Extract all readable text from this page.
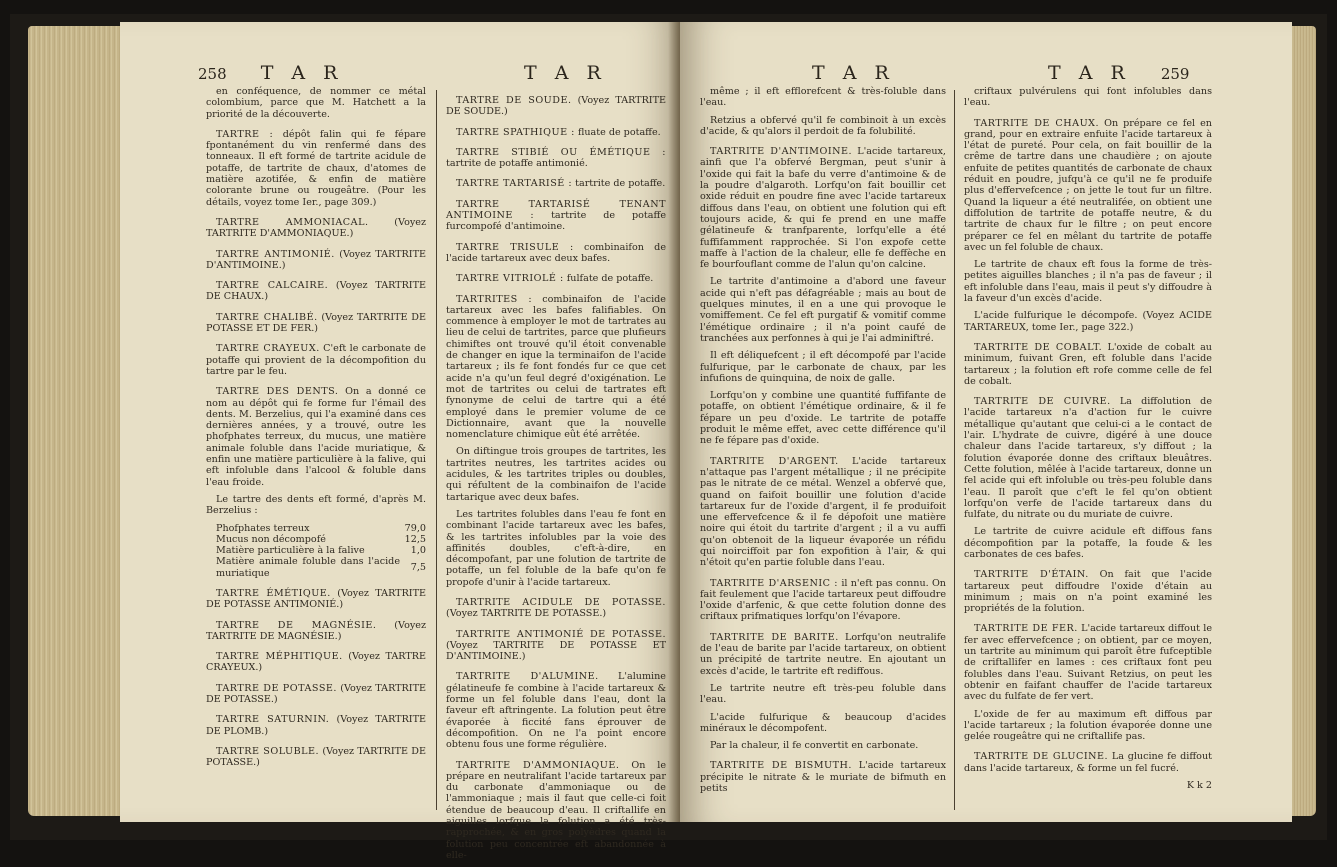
258 T A R	T A R

en conféquence, de nommer ce métal colombium, parce que M. Hatchett a la priorité de la découverte.

TARTRE : dépôt falin qui fe fépare fpontanément du vin renfermé dans des tonneaux. Il eft formé de tartrite acidule de potaffe, de tartrite de chaux, d'atomes de matière azotifée, & enfin de matière colorante brune ou rougeâtre. (Pour les détails, voyez tome Ier., page 309.)

TARTRE AMMONIACAL.	(Voyez TARTRITE D'AMMONIAQUE.)

TARTRE ANTIMONIÉ. (Voyez TARTRITE D'ANTIMOINE.)

TARTRE CALCAIRE. (Voyez TARTRITE DE CHAUX.)

TARTRE CHALIBÉ. (Voyez TARTRITE DE POTASSE ET DE FER.)

TARTRE CRAYEUX. C'eft le carbonate de potaffe qui provient de la décompofition du tartre par le feu.

TARTRE DES DENTS. On a donné ce nom au dépôt qui fe forme fur l'émail des dents. M. Berzelius, qui l'a examiné dans ces dernières années, y a trouvé, outre les phofphates terreux, du mucus, une matière animale foluble dans l'acide muriatique, & enfin une matière particulière à la falive, qui eft infoluble dans l'alcool & foluble dans l'eau froide.

Le tartre des dents eft formé, d'après M. Berzelius :

Phofphates terreux	79,0
Mucus non décompofé	12,5
Matière particulière à la falive	1,0
Matière animale foluble dans l'acide muriatique	7,5

TARTRE ÉMÉTIQUE. (Voyez TARTRITE DE POTASSE ANTIMONIÉ.)

TARTRE DE MAGNÉSIE. (Voyez TARTRITE DE MAGNÉSIE.)

TARTRE MÉPHITIQUE. (Voyez TARTRE CRAYEUX.)

TARTRE DE POTASSE. (Voyez TARTRITE DE POTASSE.)

TARTRE SATURNIN. (Voyez TARTRITE DE PLOMB.)

TARTRE SOLUBLE. (Voyez TARTRITE DE POTASSE.)

TARTRE DE SOUDE. (Voyez TARTRITE DE SOUDE.)

TARTRE SPATHIQUE : fluate de potaffe.

TARTRE STIBIÉ OU ÉMÉTIQUE : tartrite de potaffe antimonié.

TARTRE TARTARISÉ : tartrite de potaffe.

TARTRE TARTARISÉ TENANT ANTIMOINE : tartrite de potaffe furcompofé d'antimoine.

TARTRE TRISULE : combinaifon de l'acide tartareux avec deux bafes.

TARTRE VITRIOLÉ : fulfate de potaffe.

TARTRITES : combinaifon de l'acide tartareux avec les bafes falifiables. On commence à employer le mot de tartrates au lieu de celui de tartrites, parce que plufieurs chimiftes ont trouvé qu'il étoit convenable de changer en ique la terminaifon de l'acide tartareux ; ils fe font fondés fur ce que cet acide n'a qu'un feul degré d'oxigénation. Le mot de tartrites ou celui de tartrates eft fynonyme de celui de tartre qui a été employé dans le premier volume de ce Dictionnaire, avant que la nouvelle nomenclature chimique eût été arrêtée.

On diftingue trois groupes de tartrites, les tartrites neutres, les tartrites acides ou acidules, & les tartrites triples ou doubles, qui réfultent de la combinaifon de l'acide tartarique avec deux bafes.

Les tartrites folubles dans l'eau fe font en combinant l'acide tartareux avec les bafes, & les tartrites infolubles par la voie des affinités doubles, c'eft-à-dire, en décompofant, par une folution de tartrite de potaffe, un fel foluble de la bafe qu'on fe propofe d'unir à l'acide tartareux.

TARTRITE ACIDULE DE POTASSE. (Voyez TARTRITE DE POTASSE.)

TARTRITE ANTIMONIÉ DE POTASSE. (Voyez TARTRITE DE POTASSE ET D'ANTIMOINE.)

TARTRITE D'ALUMINE. L'alumine gélatineufe fe combine à l'acide tartareux & forme un fel foluble dans l'eau, dont la faveur eft aftringente. La folution peut être évaporée à ficcité fans éprouver de décompofition. On ne l'a point encore obtenu fous une forme régulière.

TARTRITE D'AMMONIAQUE. On le prépare en neutralifant l'acide tartareux par du carbonate d'ammoniaque ou de l'ammoniaque ; mais il faut que celle-ci foit étendue de beaucoup d'eau. Il criftallife en aiguilles lorfque la folution a été très-rapprochée, & en gros polyèdres quand la folution peu concentrée eft abandonnée à elle-

T A R	T A R 259

même ; il eft efflorefcent & très-foluble dans l'eau.

Retzius a obfervé qu'il fe combinoit à un excès d'acide, & qu'alors il perdoit de fa folubilité.

TARTRITE D'ANTIMOINE. L'acide tartareux, ainfi que l'a obfervé Bergman, peut s'unir à l'oxide qui fait la bafe du verre d'antimoine & de la poudre d'algaroth. Lorfqu'on fait bouillir cet oxide réduit en poudre fine avec l'acide tartareux diffous dans l'eau, on obtient une folution qui eft toujours acide, & qui fe prend en une maffe gélatineufe & tranfparente, lorfqu'elle a été fuffifamment rapprochée. Si l'on expofe cette maffe à l'action de la chaleur, elle fe deffèche en fe bourfouflant comme de l'alun qu'on calcine.

Le tartrite d'antimoine a d'abord une faveur acide qui n'eft pas défagréable ; mais au bout de quelques minutes, il en a une qui provoque le vomiffement. Ce fel eft purgatif & vomitif comme l'émétique ordinaire ; il n'a point caufé de tranchées aux perfonnes à qui je l'ai adminiftré.

Il eft déliquefcent ; il eft décompofé par l'acide fulfurique, par le carbonate de chaux, par les infufions de quinquina, de noix de galle.

Lorfqu'on y combine une quantité fuffifante de potaffe, on obtient l'émétique ordinaire, & il fe fépare un peu d'oxide. Le tartrite de potaffe produit le même effet, avec cette différence qu'il ne fe fépare pas d'oxide.

TARTRITE D'ARGENT. L'acide tartareux n'attaque pas l'argent métallique ; il ne précipite pas le nitrate de ce métal. Wenzel a obfervé que, quand on faifoit bouillir une folution d'acide tartareux fur de l'oxide d'argent, il fe produifoit une effervefcence & il fe dépofoit une matière noire qui étoit du tartrite d'argent ; il a vu auffi qu'on obtenoit de la liqueur évaporée un réfidu qui noirciffoit par fon expofition à l'air, & qui n'étoit qu'en partie foluble dans l'eau.

TARTRITE D'ARSENIC : il n'eft pas connu. On fait feulement que l'acide tartareux peut diffoudre l'oxide d'arfenic, & que cette folution donne des criftaux prifmatiques lorfqu'on l'évapore.

TARTRITE DE BARITE. Lorfqu'on neutralife de l'eau de barite par l'acide tartareux, on obtient un précipité de tartrite neutre. En ajoutant un excès d'acide, le tartrite eft rediffous.

Le tartrite neutre eft très-peu foluble dans l'eau.

L'acide fulfurique & beaucoup d'acides minéraux le décompofent.

Par la chaleur, il fe convertit en carbonate.

TARTRITE DE BISMUTH. L'acide tartareux précipite le nitrate & le muriate de bifmuth en petits

criftaux pulvérulens qui font infolubles dans l'eau.

TARTRITE DE CHAUX. On prépare ce fel en grand, pour en extraire enfuite l'acide tartareux à l'état de pureté. Pour cela, on fait bouillir de la crême de tartre dans une chaudière ; on ajoute enfuite de petites quantités de carbonate de chaux réduit en poudre, jufqu'à ce qu'il ne fe produife plus d'effervefcence ; on jette le tout fur un filtre. Quand la liqueur a été neutralifée, on obtient une diffolution de tartrite de potaffe neutre, & du tartrite de chaux fur le filtre ; on peut encore préparer ce fel en mêlant du tartrite de potaffe avec un fel foluble de chaux.

Le tartrite de chaux eft fous la forme de très-petites aiguilles blanches ; il n'a pas de faveur ; il eft infoluble dans l'eau, mais il peut s'y diffoudre à la faveur d'un excès d'acide.

L'acide fulfurique le décompofe. (Voyez ACIDE TARTAREUX, tome Ier., page 322.)

TARTRITE DE COBALT. L'oxide de cobalt au minimum, fuivant Gren, eft foluble dans l'acide tartareux ; la folution eft rofe comme celle de fel de cobalt.

TARTRITE DE CUIVRE. La diffolution de l'acide tartareux n'a d'action fur le cuivre métallique qu'autant que celui-ci a le contact de l'air. L'hydrate de cuivre, digéré à une douce chaleur dans l'acide tartareux, s'y diffout ; la folution évaporée donne des criftaux bleuâtres. Cette folution, mêlée à l'acide tartareux, donne un fel acide qui eft infoluble ou très-peu foluble dans l'eau. Il paroît que c'eft le fel qu'on obtient lorfqu'on verfe de l'acide tartareux dans du fulfate, du nitrate ou du muriate de cuivre.

Le tartrite de cuivre acidule eft diffous fans décompofition par la potaffe, la foude & les carbonates de ces bafes.

TARTRITE D'ÉTAIN. On fait que l'acide tartareux peut diffoudre l'oxide d'étain au minimum ; mais on n'a point examiné les propriétés de la folution.

TARTRITE DE FER. L'acide tartareux diffout le fer avec effervefcence ; on obtient, par ce moyen, un tartrite au minimum qui paroît être fufceptible de criftallifer en lames : ces criftaux font peu folubles dans l'eau. Suivant Retzius, on peut les obtenir en faifant chauffer de l'acide tartareux avec du fulfate de fer vert.

L'oxide de fer au maximum eft diffous par l'acide tartareux ; la folution évaporée donne une gelée rougeâtre qui ne criftallife pas.

TARTRITE DE GLUCINE. La glucine fe diffout dans l'acide tartareux, & forme un fel fucré.

K k 2
